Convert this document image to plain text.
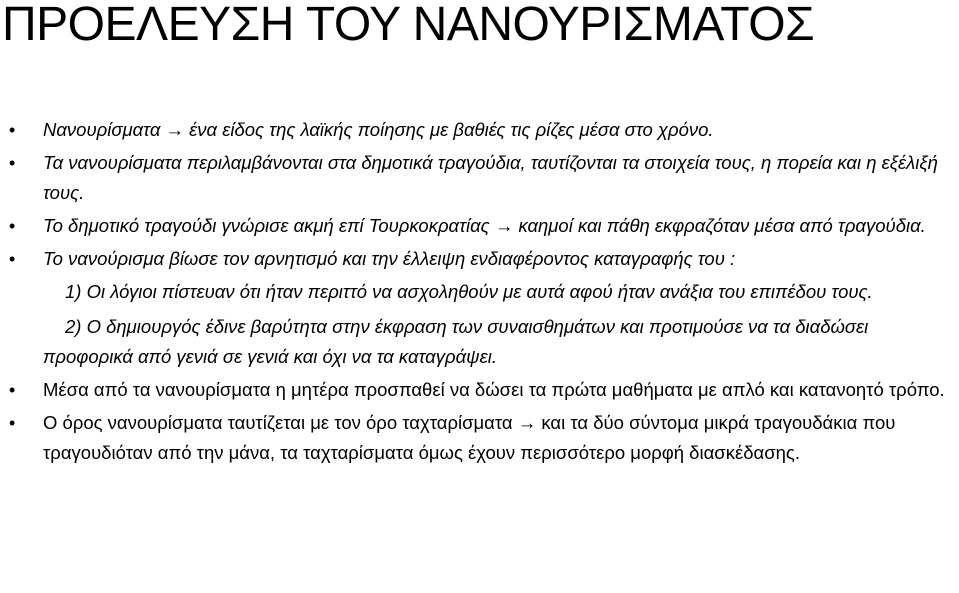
ΠΡΟΕΛΕΥΣΗ ΤΟΥ ΝΑΝΟΥΡΙΣΜΑΤΟΣ
• Νανουρίσματα → ένα είδος της λαϊκής ποίησης με βαθιές τις ρίζες μέσα στο χρόνο.
• Τα νανουρίσματα περιλαμβάνονται στα δημοτικά τραγούδια, ταυτίζονται τα στοιχεία τους, η πορεία και η εξέλιξή τους.
• Το δημοτικό τραγούδι γνώρισε ακμή επί Τουρκοκρατίας → καημοί και πάθη εκφραζόταν μέσα από τραγούδια.
• Το νανούρισμα βίωσε τον αρνητισμό και την έλλειψη ενδιαφέροντος καταγραφής του :
1) Οι λόγιοι πίστευαν ότι ήταν περιττό να ασχοληθούν με αυτά αφού ήταν ανάξια του επιπέδου τους.
2) Ο δημιουργός έδινε βαρύτητα στην έκφραση των συναισθημάτων και προτιμούσε να τα διαδώσει προφορικά από γενιά σε γενιά και όχι να τα καταγράψει.
• Μέσα από τα νανουρίσματα η μητέρα προσπαθεί να δώσει τα πρώτα μαθήματα με απλό και κατανοητό τρόπο.
• Ο όρος νανουρίσματα ταυτίζεται με τον όρο ταχταρίσματα → και τα δύο σύντομα μικρά τραγουδάκια που τραγουδιόταν από την μάνα, τα ταχταρίσματα όμως έχουν περισσότερο μορφή διασκέδασης.
